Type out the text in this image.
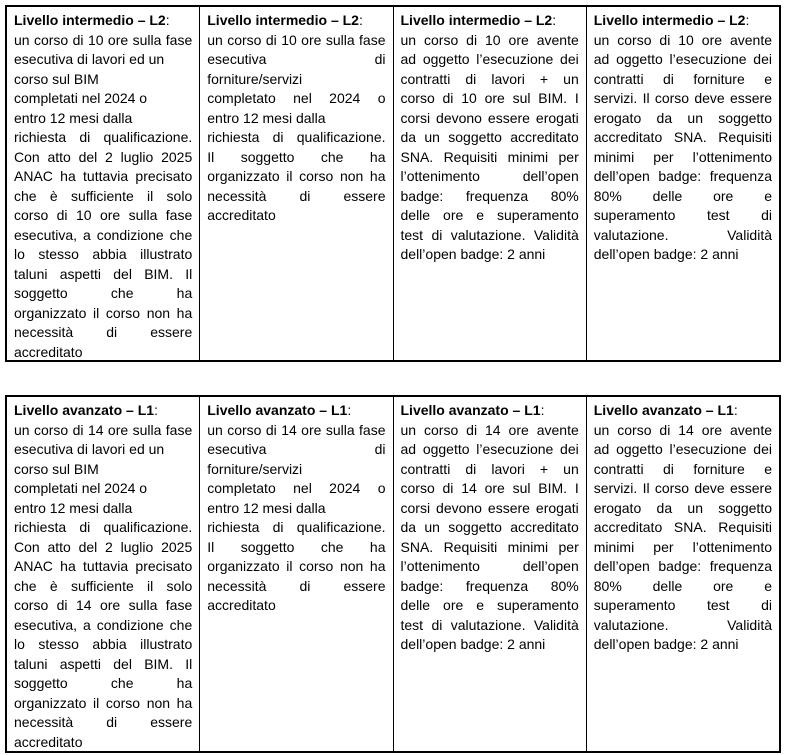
Livello intermedio – L2:
un corso di 10 ore sulla fase
esecutiva di lavori ed un
corso sul BIM
completati nel 2024 o
entro 12 mesi dalla
richiesta di qualificazione.
Con atto del 2 luglio 2025
ANAC ha tuttavia precisato
che è sufficiente il solo
corso di 10 ore sulla fase
esecutiva, a condizione che
lo stesso abbia illustrato
taluni aspetti del BIM. Il
soggetto che ha
organizzato il corso non ha
necessità di essere
accreditato
Livello intermedio – L2:
un corso di 10 ore sulla fase
esecutiva di
forniture/servizi
completato nel 2024 o
entro 12 mesi dalla
richiesta di qualificazione.
Il soggetto che ha
organizzato il corso non ha
necessità di essere
accreditato
Livello intermedio – L2:
un corso di 10 ore avente
ad oggetto l’esecuzione dei
contratti di lavori + un
corso di 10 ore sul BIM. I
corsi devono essere erogati
da un soggetto accreditato
SNA. Requisiti minimi per
l’ottenimento dell’open
badge: frequenza 80%
delle ore e superamento
test di valutazione. Validità
dell’open badge: 2 anni
Livello intermedio – L2:
un corso di 10 ore avente
ad oggetto l’esecuzione dei
contratti di forniture e
servizi. Il corso deve essere
erogato da un soggetto
accreditato SNA. Requisiti
minimi per l’ottenimento
dell’open badge: frequenza
80% delle ore e
superamento test di
valutazione. Validità
dell’open badge: 2 anni
Livello avanzato – L1:
un corso di 14 ore sulla fase
esecutiva di lavori ed un
corso sul BIM
completati nel 2024 o
entro 12 mesi dalla
richiesta di qualificazione.
Con atto del 2 luglio 2025
ANAC ha tuttavia precisato
che è sufficiente il solo
corso di 14 ore sulla fase
esecutiva, a condizione che
lo stesso abbia illustrato
taluni aspetti del BIM. Il
soggetto che ha
organizzato il corso non ha
necessità di essere
accreditato
Livello avanzato – L1:
un corso di 14 ore sulla fase
esecutiva di
forniture/servizi
completato nel 2024 o
entro 12 mesi dalla
richiesta di qualificazione.
Il soggetto che ha
organizzato il corso non ha
necessità di essere
accreditato
Livello avanzato – L1:
un corso di 14 ore avente
ad oggetto l’esecuzione dei
contratti di lavori + un
corso di 14 ore sul BIM. I
corsi devono essere erogati
da un soggetto accreditato
SNA. Requisiti minimi per
l’ottenimento dell’open
badge: frequenza 80%
delle ore e superamento
test di valutazione. Validità
dell’open badge: 2 anni
Livello avanzato – L1:
un corso di 14 ore avente
ad oggetto l’esecuzione dei
contratti di forniture e
servizi. Il corso deve essere
erogato da un soggetto
accreditato SNA. Requisiti
minimi per l’ottenimento
dell’open badge: frequenza
80% delle ore e
superamento test di
valutazione. Validità
dell’open badge: 2 anni
